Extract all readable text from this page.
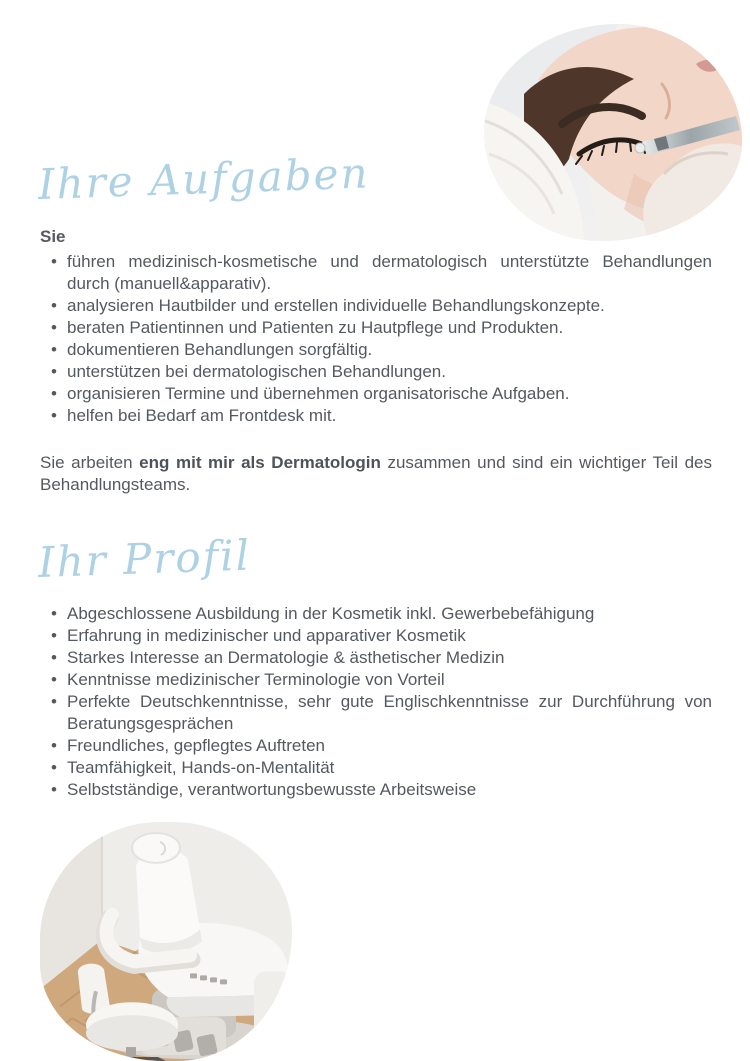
Ihre Aufgaben

Sie

• führen medizinisch-kosmetische und dermatologisch unterstützte Behandlungen durch (manuell&apparativ).
• analysieren Hautbilder und erstellen individuelle Behandlungskonzepte.
• beraten Patientinnen und Patienten zu Hautpflege und Produkten.
• dokumentieren Behandlungen sorgfältig.
• unterstützen bei dermatologischen Behandlungen.
• organisieren Termine und übernehmen organisatorische Aufgaben.
• helfen bei Bedarf am Frontdesk mit.

Sie arbeiten eng mit mir als Dermatologin zusammen und sind ein wichtiger Teil des Behandlungsteams.

Ihr Profil
• Abgeschlossene Ausbildung in der Kosmetik inkl. Gewerbebefähigung
• Erfahrung in medizinischer und apparativer Kosmetik
• Starkes Interesse an Dermatologie & ästhetischer Medizin
• Kenntnisse medizinischer Terminologie von Vorteil
• Perfekte Deutschkenntnisse, sehr gute Englischkenntnisse zur Durchführung von Beratungsgesprächen
• Freundliches, gepflegtes Auftreten
• Teamfähigkeit, Hands-on-Mentalität
• Selbstständige, verantwortungsbewusste Arbeitsweise
